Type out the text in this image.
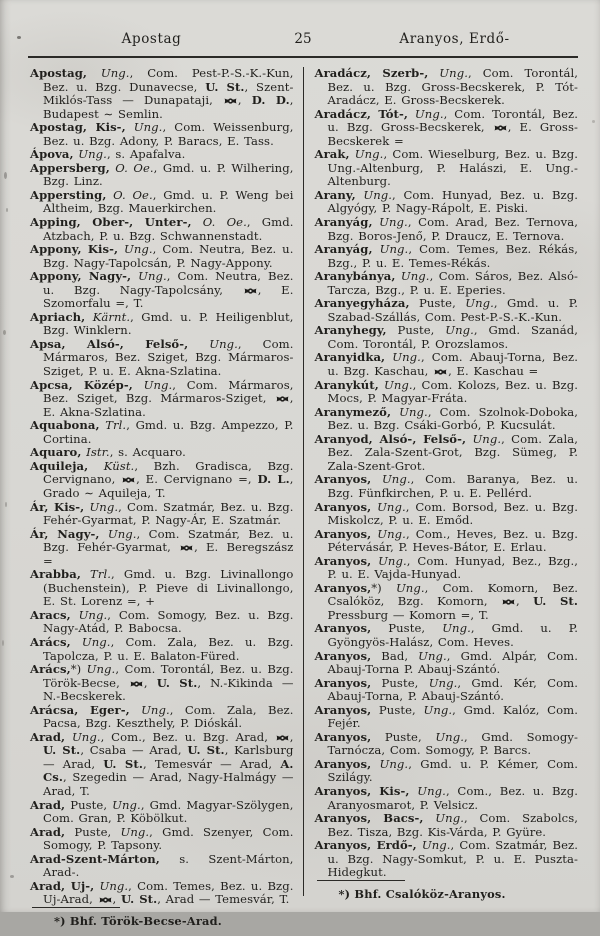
Apostag	25	Aranyos, Erdő-

Apostag, Ung., Com. Pest-P.-S.-K.-Kun, Bez. u. Bzg. Dunavecse, U. St., Szent-Miklós-Tass — Dunapataji, , D. D., Budapest ∼ Semlin.

Apostag, Kis-, Ung., Com. Weissenburg, Bez. u. Bzg. Adony, P. Baracs, E. Tass.

Ápova, Ung., s. Apafalva.

Appersberg, O. Oe., Gmd. u. P. Wilhering, Bzg. Linz.

Appersting, O. Oe., Gmd. u. P. Weng bei Altheim, Bzg. Mauerkirchen.

Apping, Ober-, Unter-, O. Oe., Gmd. Atzbach, P. u. Bzg. Schwannenstadt.

Appony, Kis-, Ung., Com. Neutra, Bez. u. Bzg. Nagy-Tapolcsán, P. Nagy-Appony.

Appony, Nagy-, Ung., Com. Neutra, Bez. u. Bzg. Nagy-Tapolcsány, , E. Szomorfalu =, T.

Apriach, Kärnt., Gmd. u. P. Heiligenblut, Bzg. Winklern.

Apsa, Alsó-, Felső-, Ung., Com. Mármaros, Bez. Sziget, Bzg. Mármaros-Sziget, P. u. E. Akna-Szlatina.

Apcsa, Közép-, Ung., Com. Mármaros, Bez. Sziget, Bzg. Mármaros-Sziget, , E. Akna-Szlatina.

Aquabona, Trl., Gmd. u. Bzg. Ampezzo, P. Cortina.

Aquaro, Istr., s. Acquaro.

Aquileja, Küst., Bzh. Gradisca, Bzg. Cervignano, , E. Cervignano =, D. L., Grado ∼ Aquileja, T.

Ár, Kis-, Ung., Com. Szatmár, Bez. u. Bzg. Fehér-Gyarmat, P. Nagy-Ár, E. Szatmár.

Ár, Nagy-, Ung., Com. Szatmár, Bez. u. Bzg. Fehér-Gyarmat, , E. Beregszász =

Arabba, Trl., Gmd. u. Bzg. Livinallongo (Buchenstein), P. Pieve di Livinallongo, E. St. Lorenz =, +

Aracs, Ung., Com. Somogy, Bez. u. Bzg. Nagy-Atád, P. Babocsa.

Arács, Ung., Com. Zala, Bez. u. Bzg. Tapolcza, P. u. E. Balaton-Füred.

Arács,*) Ung., Com. Torontál, Bez. u. Bzg. Török-Becse, , U. St., N.-Kikinda — N.-Becskerek.

Arácsa, Eger-, Ung., Com. Zala, Bez. Pacsa, Bzg. Keszthely, P. Dióskál.

Arad, Ung., Com., Bez. u. Bzg. Arad, , U. St., Csaba — Arad, U. St., Karlsburg — Arad, U. St., Temesvár — Arad, A. Cs., Szegedin — Arad, Nagy-Halmágy — Arad, T.

Arad, Puste, Ung., Gmd. Magyar-Szölygen, Com. Gran, P. Köbölkut.

Arad, Puste, Ung., Gmd. Szenyer, Com. Somogy, P. Tapsony.

Arad-Szent-Márton, s. Szent-Márton, Arad-.

Arad, Uj-, Ung., Com. Temes, Bez. u. Bzg. Uj-Arad, , U. St., Arad — Temesvár, T.

*) Bhf. Török-Becse-Arad.

Aradácz, Szerb-, Ung., Com. Torontál, Bez. u. Bzg. Gross-Becskerek, P. Tót-Aradácz, E. Gross-Becskerek.

Aradácz, Tót-, Ung., Com. Torontál, Bez. u. Bzg. Gross-Becskerek, , E. Gross-Becskerek =

Arak, Ung., Com. Wieselburg, Bez. u. Bzg. Ung.-Altenburg, P. Halászi, E. Ung.-Altenburg.

Arany, Ung., Com. Hunyad, Bez. u. Bzg. Algyógy, P. Nagy-Rápolt, E. Piski.

Aranyág, Ung., Com. Arad, Bez. Ternova, Bzg. Boros-Jenő, P. Draucz, E. Ternova.

Aranyág, Ung., Com. Temes, Bez. Rékás, Bzg., P. u. E. Temes-Rékás.

Aranybánya, Ung., Com. Sáros, Bez. Alsó-Tarcza, Bzg., P. u. E. Eperies.

Aranyegyháza, Puste, Ung., Gmd. u. P. Szabad-Szállás, Com. Pest-P.-S.-K.-Kun.

Aranyhegy, Puste, Ung., Gmd. Szanád, Com. Torontál, P. Orozslamos.

Aranyidka, Ung., Com. Abauj-Torna, Bez. u. Bzg. Kaschau, , E. Kaschau =

Aranykút, Ung., Com. Kolozs, Bez. u. Bzg. Mocs, P. Magyar-Fráta.

Aranymező, Ung., Com. Szolnok-Doboka, Bez. u. Bzg. Csáki-Gorbó, P. Kucsulát.

Aranyod, Alsó-, Felső-, Ung., Com. Zala, Bez. Zala-Szent-Grot, Bzg. Sümeg, P. Zala-Szent-Grot.

Aranyos, Ung., Com. Baranya, Bez. u. Bzg. Fünfkirchen, P. u. E. Pellérd.

Aranyos, Ung., Com. Borsod, Bez. u. Bzg. Miskolcz, P. u. E. Emőd.

Aranyos, Ung., Com., Heves, Bez. u. Bzg. Pétervásár, P. Heves-Bátor, E. Erlau.

Aranyos, Ung., Com. Hunyad, Bez., Bzg., P. u. E. Vajda-Hunyad.

Aranyos,*) Ung., Com. Komorn, Bez. Csalóköz, Bzg. Komorn, , U. St. Pressburg — Komorn =, T.

Aranyos, Puste, Ung., Gmd. u. P. Gyöngyös-Halász, Com. Heves.

Aranyos, Bad, Ung., Gmd. Alpár, Com. Abauj-Torna P. Abauj-Szántó.

Aranyos, Puste, Ung., Gmd. Kér, Com. Abauj-Torna, P. Abauj-Szántó.

Aranyos, Puste, Ung., Gmd. Kalóz, Com. Fejér.

Aranyos, Puste, Ung., Gmd. Somogy-Tarnócza, Com. Somogy, P. Barcs.

Aranyos, Ung., Gmd. u. P. Kémer, Com. Szilágy.

Aranyos, Kis-, Ung., Com., Bez. u. Bzg. Aranyosmarot, P. Velsicz.

Aranyos, Bacs-, Ung., Com. Szabolcs, Bez. Tisza, Bzg. Kis-Várda, P. Gyüre.

Aranyos, Erdő-, Ung., Com. Szatmár, Bez. u. Bzg. Nagy-Somkut, P. u. E. Puszta-Hidegkut.

*) Bhf. Csalóköz-Aranyos.
